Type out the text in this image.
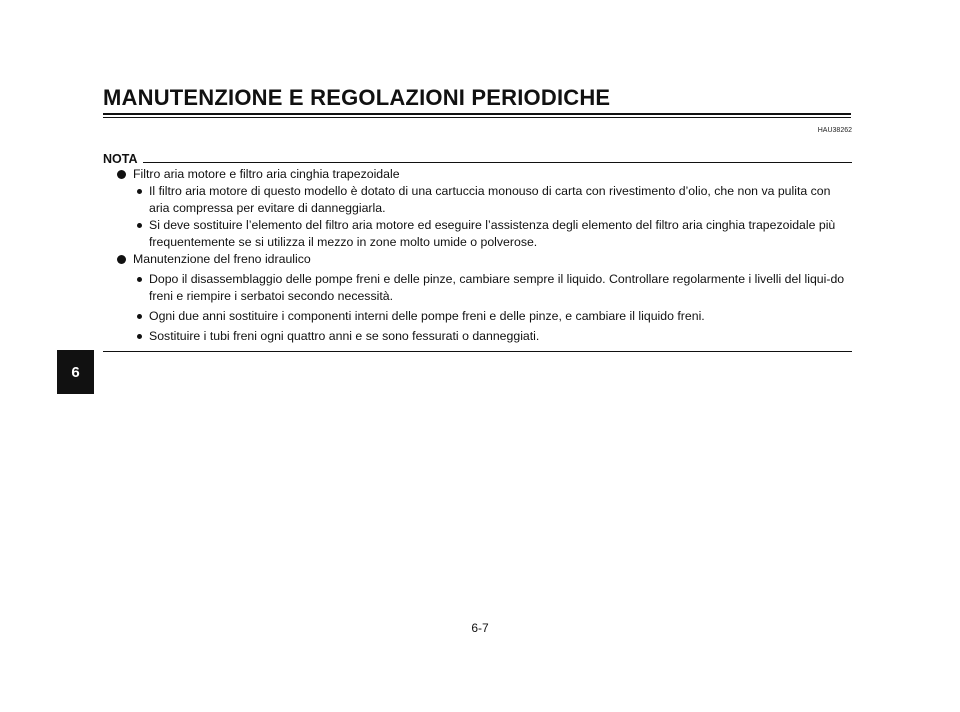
MANUTENZIONE E REGOLAZIONI PERIODICHE
HAU38262
NOTA
Filtro aria motore e filtro aria cinghia trapezoidale
Il filtro aria motore di questo modello è dotato di una cartuccia monouso di carta con rivestimento d’olio, che non va pulita con aria compressa per evitare di danneggiarla.
Si deve sostituire l’elemento del filtro aria motore ed eseguire l’assistenza degli elemento del filtro aria cinghia trapezoidale più frequentemente se si utilizza il mezzo in zone molto umide o polverose.
Manutenzione del freno idraulico
Dopo il disassemblaggio delle pompe freni e delle pinze, cambiare sempre il liquido. Controllare regolarmente i livelli del liqui-do freni e riempire i serbatoi secondo necessità.
Ogni due anni sostituire i componenti interni delle pompe freni e delle pinze, e cambiare il liquido freni.
Sostituire i tubi freni ogni quattro anni e se sono fessurati o danneggiati.
6
6-7
